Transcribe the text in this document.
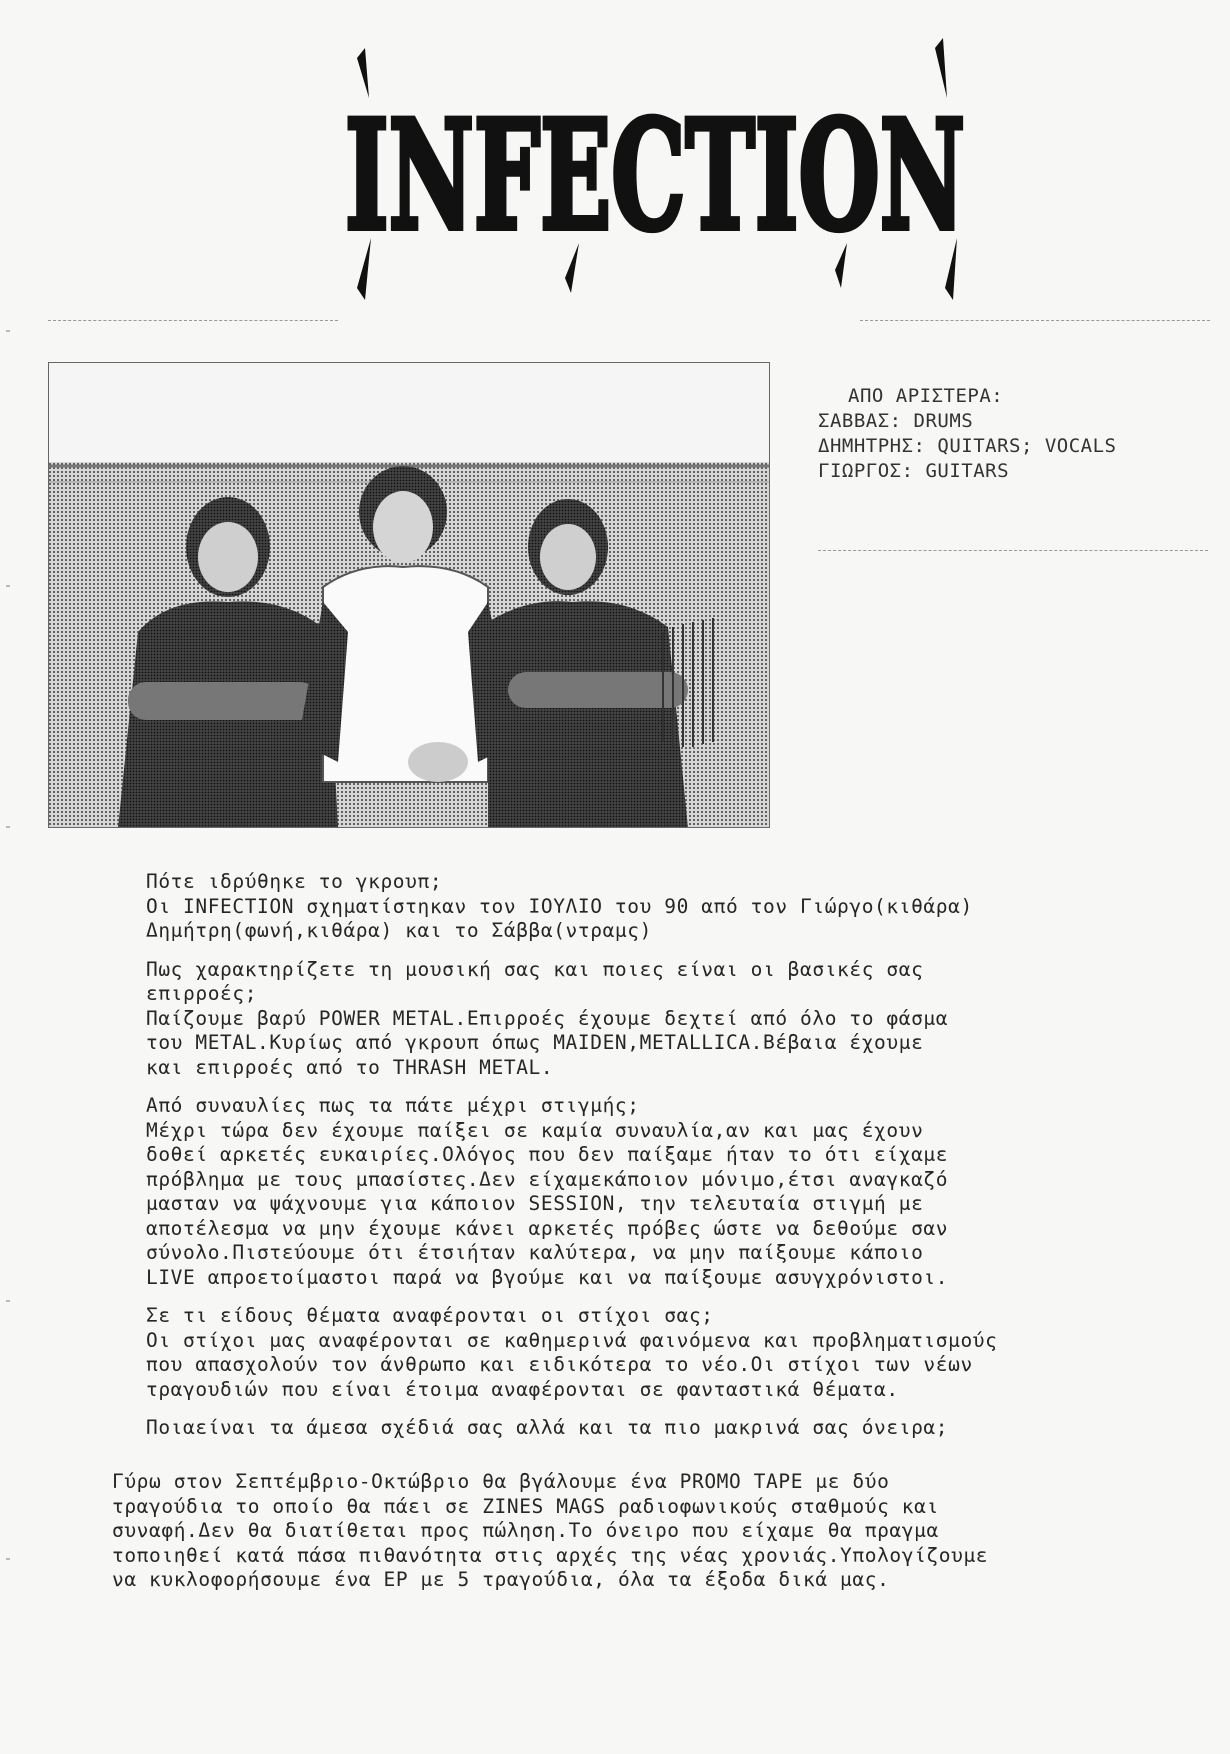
INFECTION
ΑΠΟ ΑΡΙΣΤΕΡΑ:
ΣΑΒΒΑΣ: DRUMS
ΔΗΜΗΤΡΗΣ: QUITARS; VOCALS
ΓΙΩΡΓΟΣ: GUITARS
Πότε ιδρύθηκε το γκρουπ;
Οι INFECTION σχηματίστηκαν τον ΙΟΥΛΙΟ του 90 από τον Γιώργο(κιθάρα)
Δημήτρη(φωνή,κιθάρα) και το Σάββα(ντραμς)
Πως χαρακτηρίζετε τη μουσική σας και ποιες είναι οι βασικές σας
επιρροές;
Παίζουμε βαρύ POWER METAL.Επιρροές έχουμε δεχτεί από όλο το φάσμα
του METAL.Κυρίως από γκρουπ όπως MAIDEN,METALLICA.Βέβαια έχουμε
και επιρροές από το THRASH METAL.
Από συναυλίες πως τα πάτε μέχρι στιγμής;
Μέχρι τώρα δεν έχουμε παίξει σε καμία συναυλία,αν και μας έχουν
δοθεί αρκετές ευκαιρίες.Ολόγος που δεν παίξαμε ήταν το ότι είχαμε
πρόβλημα με τους μπασίστες.Δεν είχαμεκάποιον μόνιμο,έτσι αναγκαζό
μασταν να ψάχνουμε για κάποιον SESSION, την τελευταία στιγμή με
αποτέλεσμα να μην έχουμε κάνει αρκετές πρόβες ώστε να δεθούμε σαν
σύνολο.Πιστεύουμε ότι έτσιήταν καλύτερα, να μην παίξουμε κάποιο
LIVE απροετοίμαστοι παρά να βγούμε και να παίξουμε ασυγχρόνιστοι.
Σε τι είδους θέματα αναφέρονται οι στίχοι σας;
Οι στίχοι μας αναφέρονται σε καθημερινά φαινόμενα και προβληματισμούς
που απασχολούν τον άνθρωπο και ειδικότερα το νέο.Οι στίχοι των νέων
τραγουδιών που είναι έτοιμα αναφέρονται σε φανταστικά θέματα.
Ποιαείναι τα άμεσα σχέδιά σας αλλά και τα πιο μακρινά σας όνειρα;
Γύρω στον Σεπτέμβριο-Οκτώβριο θα βγάλουμε ένα PROMO TAPE με δύο
τραγούδια το οποίο θα πάει σε ZINES MAGS ραδιοφωνικούς σταθμούς και
συναφή.Δεν θα διατίθεται προς πώληση.Το όνειρο που είχαμε θα πραγμα
τοποιηθεί κατά πάσα πιθανότητα στις αρχές της νέας χρονιάς.Υπολογίζουμε
να κυκλοφορήσουμε ένα EP με 5 τραγούδια, όλα τα έξοδα δικά μας.
